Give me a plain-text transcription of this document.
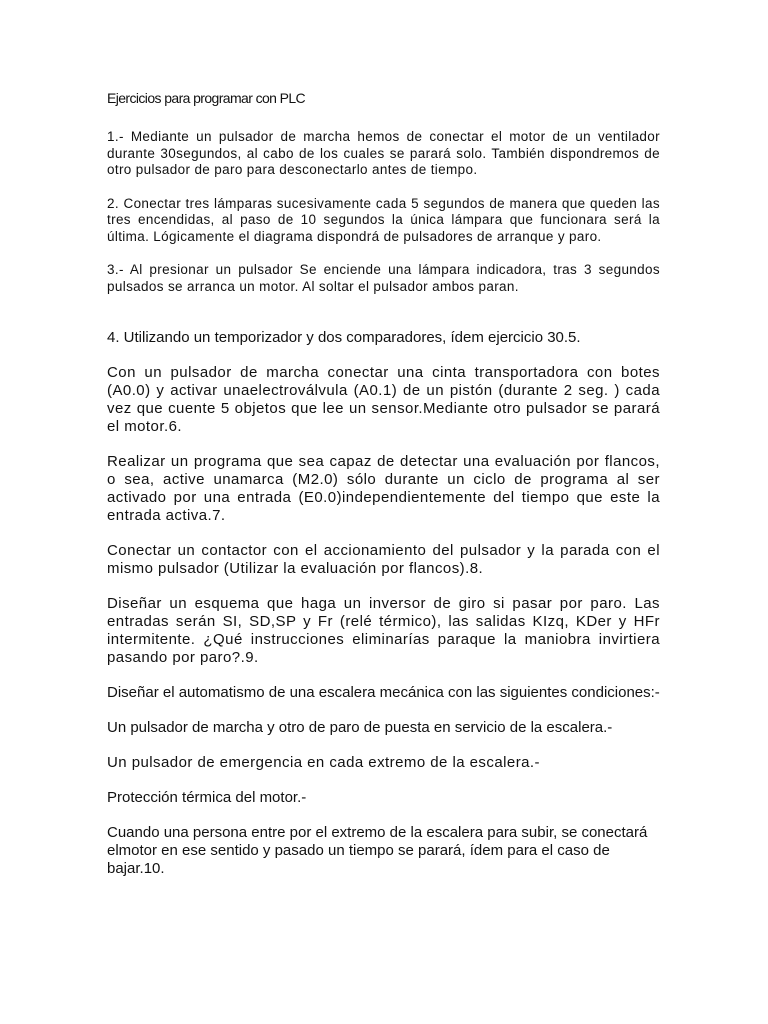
Ejercicios para programar con PLC

1.- Mediante un pulsador de marcha hemos de conectar el motor de un ventilador durante 30segundos, al cabo de los cuales se parará solo. También dispondremos de otro pulsador de paro para desconectarlo antes de tiempo.

2. Conectar tres lámparas sucesivamente cada 5 segundos de manera que queden las tres encendidas, al paso de 10 segundos la única lámpara que funcionara será la última. Lógicamente el diagrama dispondrá de pulsadores de arranque y paro.

3.- Al presionar un pulsador Se enciende una lámpara indicadora, tras 3 segundos pulsados se arranca un motor. Al soltar el pulsador ambos paran.

4. Utilizando un temporizador y dos comparadores, ídem ejercicio 30.5.

Con un pulsador de marcha conectar una cinta transportadora con botes (A0.0) y activar unaelectroválvula (A0.1) de un pistón (durante 2 seg. ) cada vez que cuente 5 objetos que lee un sensor.Mediante otro pulsador se parará el motor.6.

Realizar un programa que sea capaz de detectar una evaluación por flancos, o sea, active unamarca (M2.0) sólo durante un ciclo de programa al ser activado por una entrada (E0.0)independientemente del tiempo que este la entrada activa.7.

Conectar un contactor con el accionamiento del pulsador y la parada con el mismo pulsador (Utilizar la evaluación por flancos).8.

Diseñar un esquema que haga un inversor de giro si pasar por paro. Las entradas serán SI, SD,SP y Fr (relé térmico), las salidas KIzq, KDer y HFr intermitente. ¿Qué instrucciones eliminarías paraque la maniobra invirtiera pasando por paro?.9.

Diseñar el automatismo de una escalera mecánica con las siguientes condiciones:-

Un pulsador de marcha y otro de paro de puesta en servicio de la escalera.-

Un pulsador de emergencia en cada extremo de la escalera.-

Protección térmica del motor.-

Cuando una persona entre por el extremo de la escalera para subir, se conectará elmotor en ese sentido y pasado un tiempo se parará, ídem para el caso de bajar.10.
